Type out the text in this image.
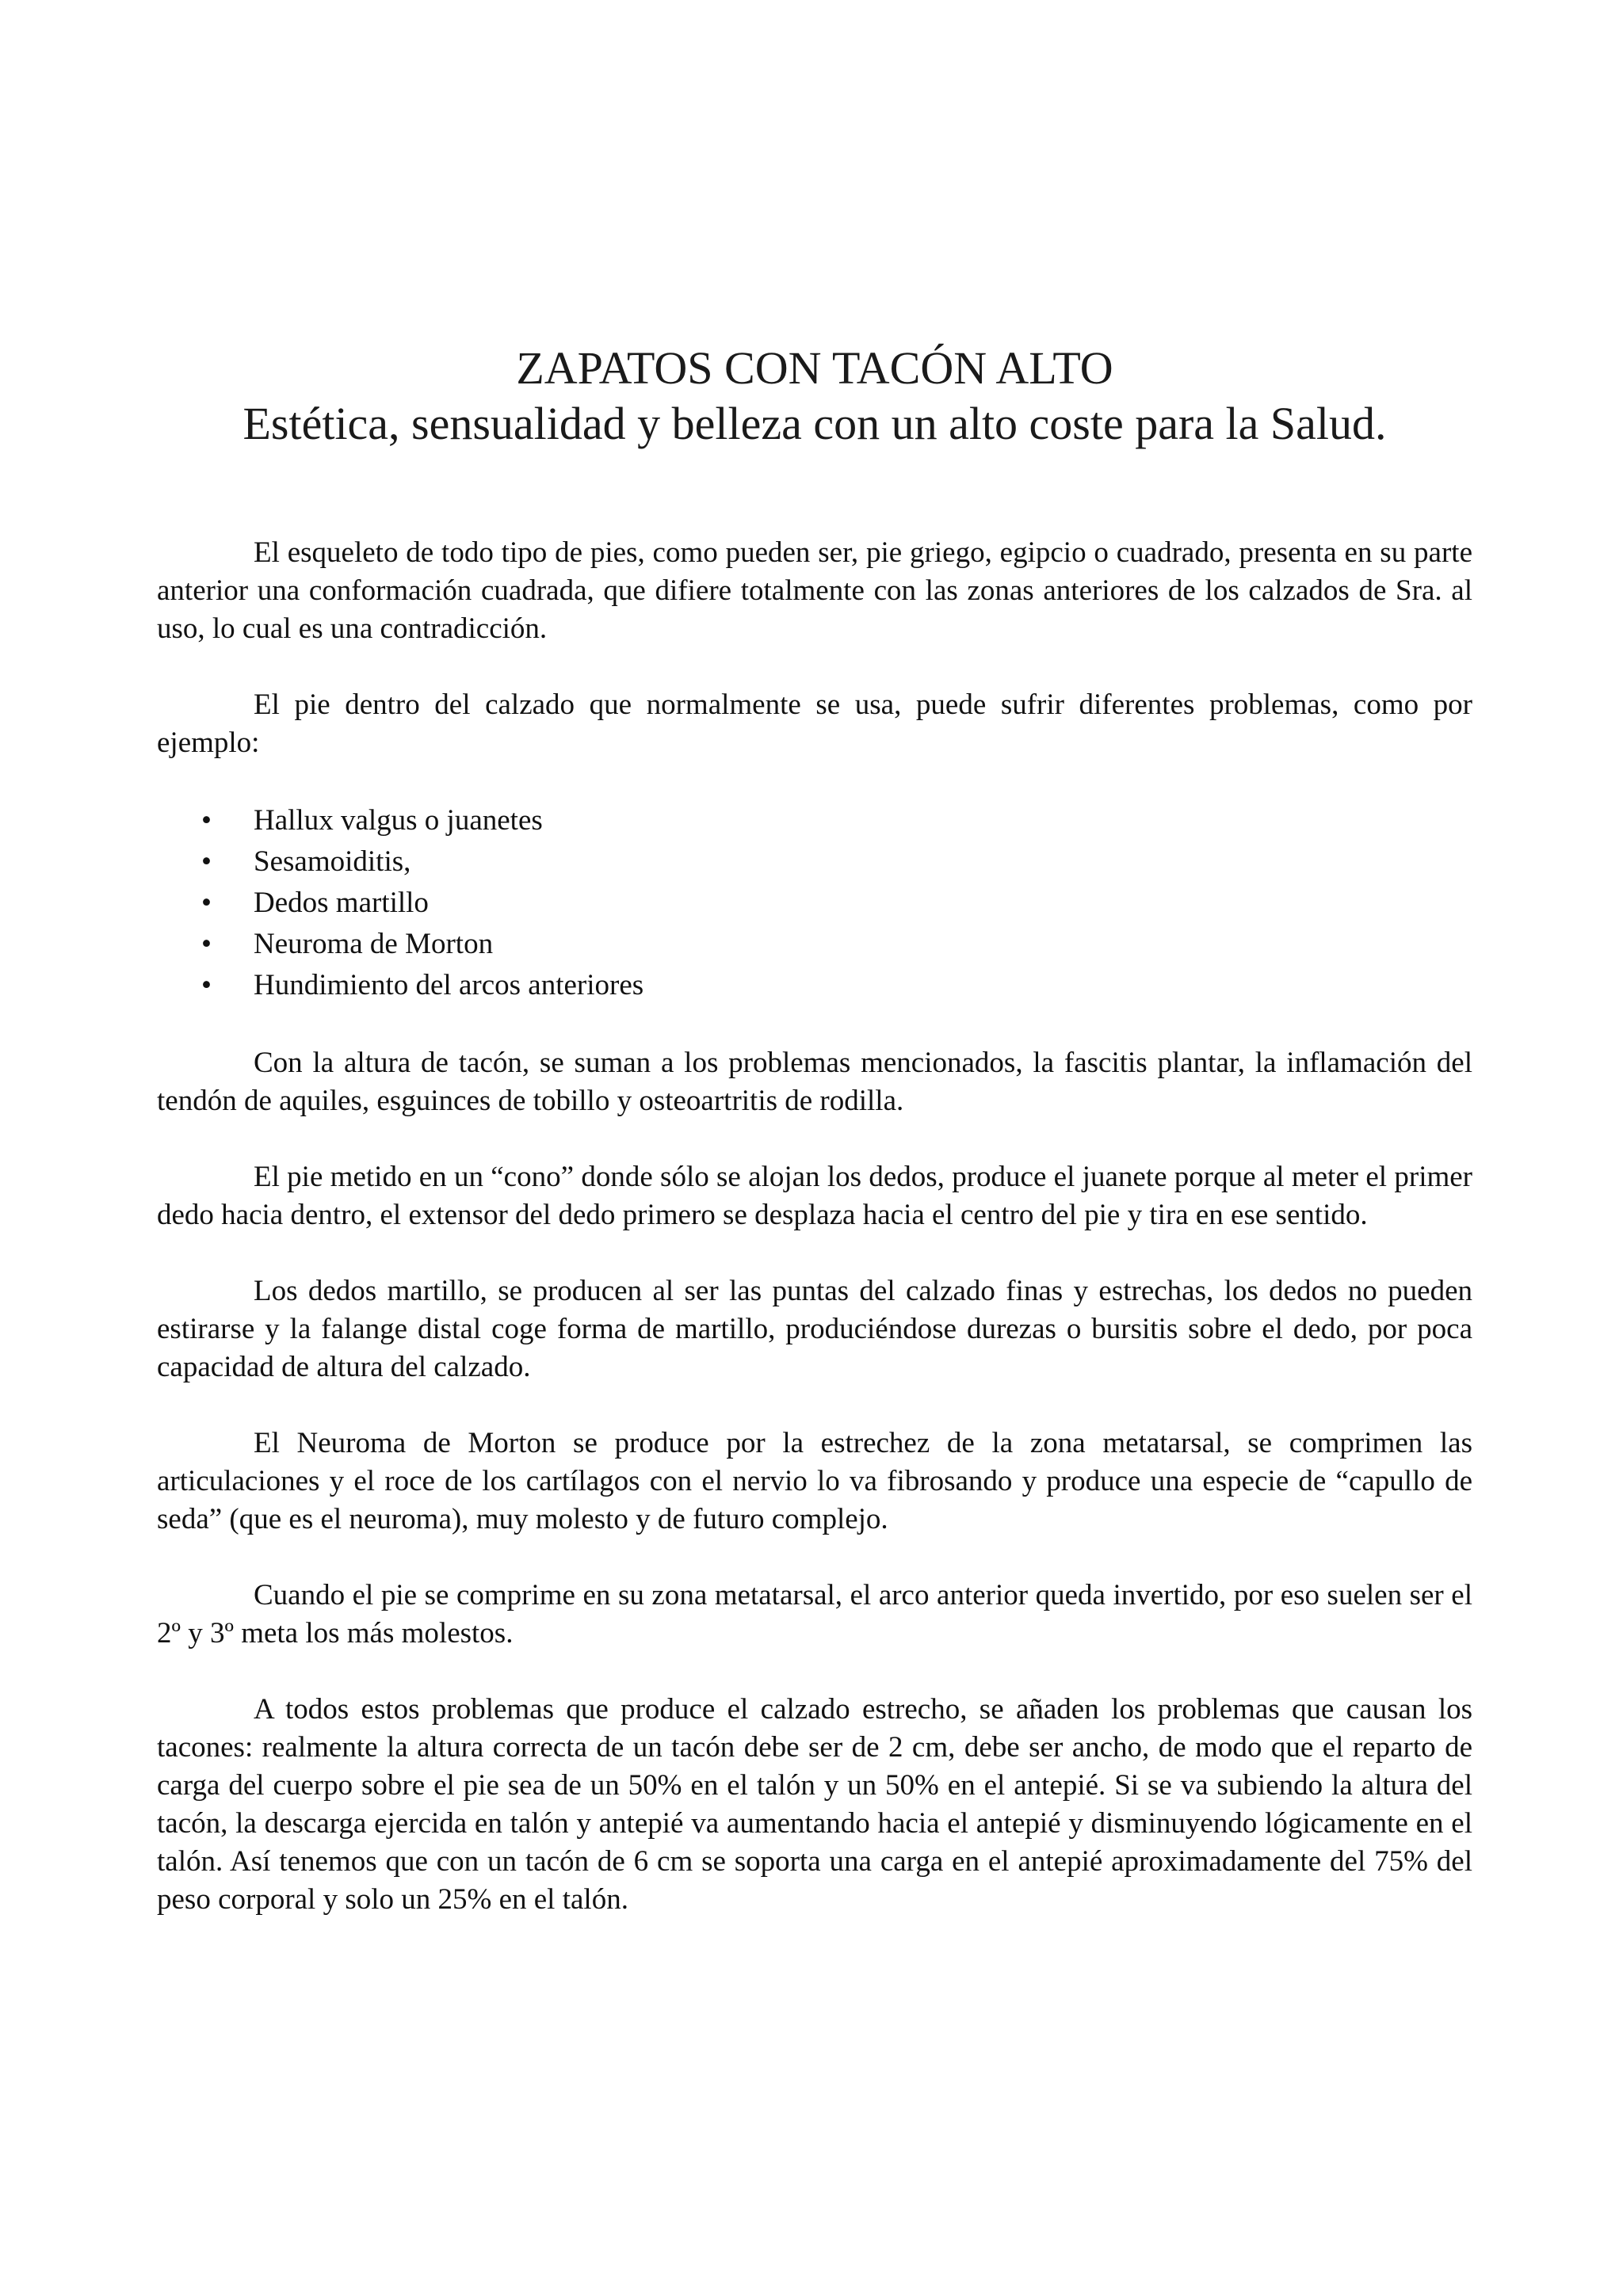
ZAPATOS CON TACÓN ALTO
Estética, sensualidad y belleza con un alto coste para la Salud.

El esqueleto de todo tipo de pies, como pueden ser, pie griego, egipcio o cuadrado, presenta en su parte anterior una conformación cuadrada, que difiere totalmente con las zonas anteriores de los calzados de Sra. al uso, lo cual es una contradicción.

El pie dentro del calzado que normalmente se usa, puede sufrir diferentes problemas, como por ejemplo:

• Hallux valgus o juanetes
• Sesamoiditis,
• Dedos martillo
• Neuroma de Morton
• Hundimiento del arcos anteriores

Con la altura de tacón, se suman a los problemas mencionados, la fascitis plantar, la inflamación del tendón de aquiles, esguinces de tobillo y osteoartritis de rodilla.

El pie metido en un “cono” donde sólo se alojan los dedos, produce el juanete porque al meter el primer dedo hacia dentro, el extensor del dedo primero se desplaza hacia el centro del pie y tira en ese sentido.

Los dedos martillo, se producen al ser las puntas del calzado finas y estrechas, los dedos no pueden estirarse y la falange distal coge forma de martillo, produciéndose durezas o bursitis sobre el dedo, por poca capacidad de altura del calzado.

El Neuroma de Morton se produce por la estrechez de la zona metatarsal, se comprimen las articulaciones y el roce de los cartílagos con el nervio lo va fibrosando y produce una especie de “capullo de seda” (que es el neuroma), muy molesto y de futuro complejo.

Cuando el pie se comprime en su zona metatarsal, el arco anterior queda invertido, por eso suelen ser el 2º y 3º meta los más molestos.

A todos estos problemas que produce el calzado estrecho, se añaden los problemas que causan los tacones: realmente la altura correcta de un tacón debe ser de 2 cm, debe ser ancho, de modo que el reparto de carga del cuerpo sobre el pie sea de un 50% en el talón y un 50% en el antepié. Si se va subiendo la altura del tacón, la descarga ejercida en talón y antepié va aumentando hacia el antepié y disminuyendo lógicamente en el talón. Así tenemos que con un tacón de 6 cm se soporta una carga en el antepié aproximadamente del 75% del peso corporal y solo un 25% en el talón.
